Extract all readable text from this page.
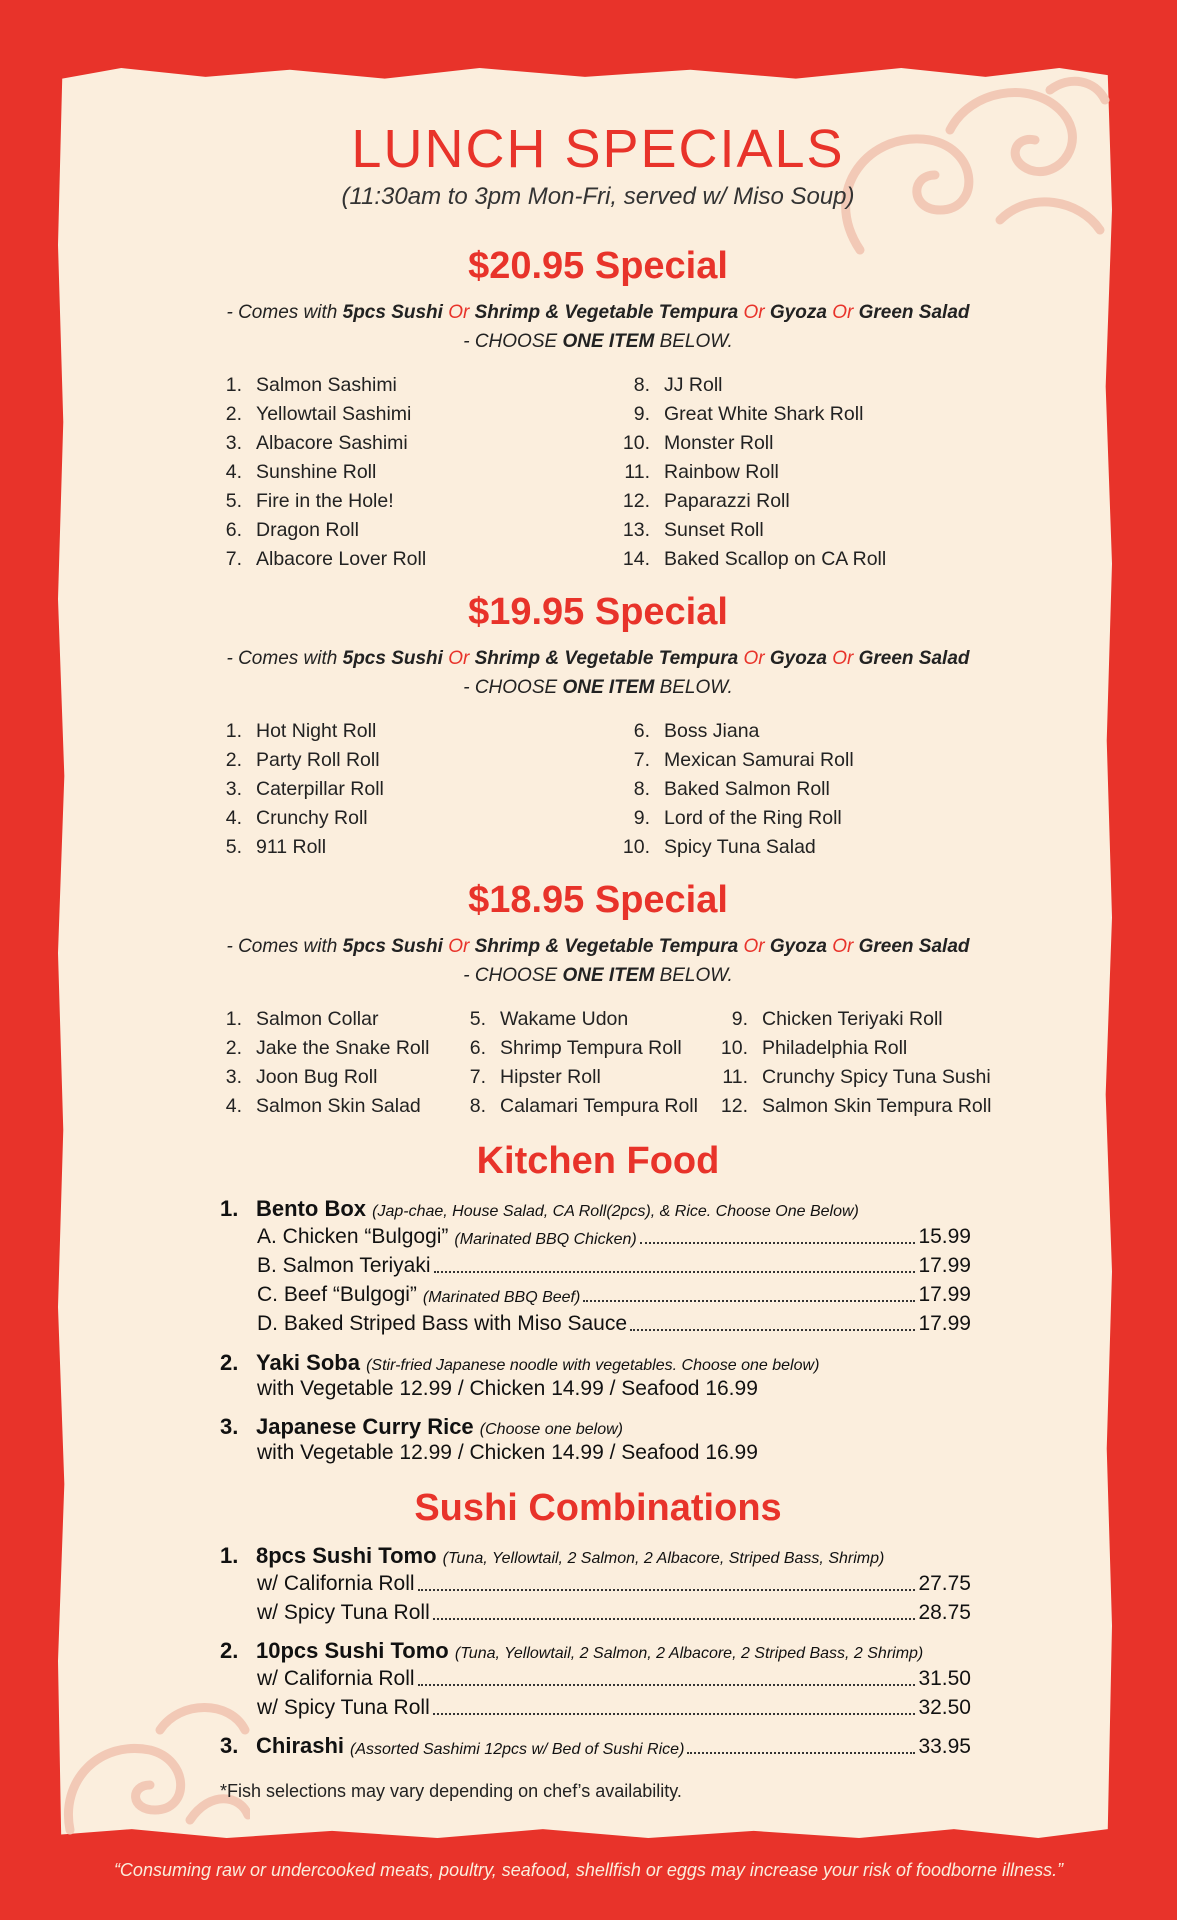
LUNCH SPECIALS
(11:30am to 3pm Mon-Fri, served w/ Miso Soup)
$20.95 Special
- Comes with 5pcs Sushi Or Shrimp & Vegetable Tempura Or Gyoza Or Green Salad
- CHOOSE ONE ITEM BELOW.
1. Salmon Sashimi
2. Yellowtail Sashimi
3. Albacore Sashimi
4. Sunshine Roll
5. Fire in the Hole!
6. Dragon Roll
7. Albacore Lover Roll
8. JJ Roll
9. Great White Shark Roll
10. Monster Roll
11. Rainbow Roll
12. Paparazzi Roll
13. Sunset Roll
14. Baked Scallop on CA Roll
$19.95 Special
- Comes with 5pcs Sushi Or Shrimp & Vegetable Tempura Or Gyoza Or Green Salad
- CHOOSE ONE ITEM BELOW.
1. Hot Night Roll
2. Party Roll Roll
3. Caterpillar Roll
4. Crunchy Roll
5. 911 Roll
6. Boss Jiana
7. Mexican Samurai Roll
8. Baked Salmon Roll
9. Lord of the Ring Roll
10. Spicy Tuna Salad
$18.95 Special
- Comes with 5pcs Sushi Or Shrimp & Vegetable Tempura Or Gyoza Or Green Salad
- CHOOSE ONE ITEM BELOW.
1. Salmon Collar
2. Jake the Snake Roll
3. Joon Bug Roll
4. Salmon Skin Salad
5. Wakame Udon
6. Shrimp Tempura Roll
7. Hipster Roll
8. Calamari Tempura Roll
9. Chicken Teriyaki Roll
10. Philadelphia Roll
11. Crunchy Spicy Tuna Sushi
12. Salmon Skin Tempura Roll
Kitchen Food
1. Bento Box (Jap-chae, House Salad, CA Roll(2pcs), & Rice. Choose One Below)
A. Chicken “Bulgogi” (Marinated BBQ Chicken)	15.99
B. Salmon Teriyaki	17.99
C. Beef “Bulgogi” (Marinated BBQ Beef)	17.99
D. Baked Striped Bass with Miso Sauce	17.99
2. Yaki Soba (Stir-fried Japanese noodle with vegetables. Choose one below)
with Vegetable 12.99 / Chicken 14.99 / Seafood 16.99
3. Japanese Curry Rice (Choose one below)
with Vegetable 12.99 / Chicken 14.99 / Seafood 16.99
Sushi Combinations
1. 8pcs Sushi Tomo (Tuna, Yellowtail, 2 Salmon, 2 Albacore, Striped Bass, Shrimp)
w/ California Roll	27.75
w/ Spicy Tuna Roll	28.75
2. 10pcs Sushi Tomo (Tuna, Yellowtail, 2 Salmon, 2 Albacore, 2 Striped Bass, 2 Shrimp)
w/ California Roll	31.50
w/ Spicy Tuna Roll	32.50
3. Chirashi (Assorted Sashimi 12pcs w/ Bed of Sushi Rice)	33.95
*Fish selections may vary depending on chef’s availability.
“Consuming raw or undercooked meats, poultry, seafood, shellfish or eggs may increase your risk of foodborne illness.”
